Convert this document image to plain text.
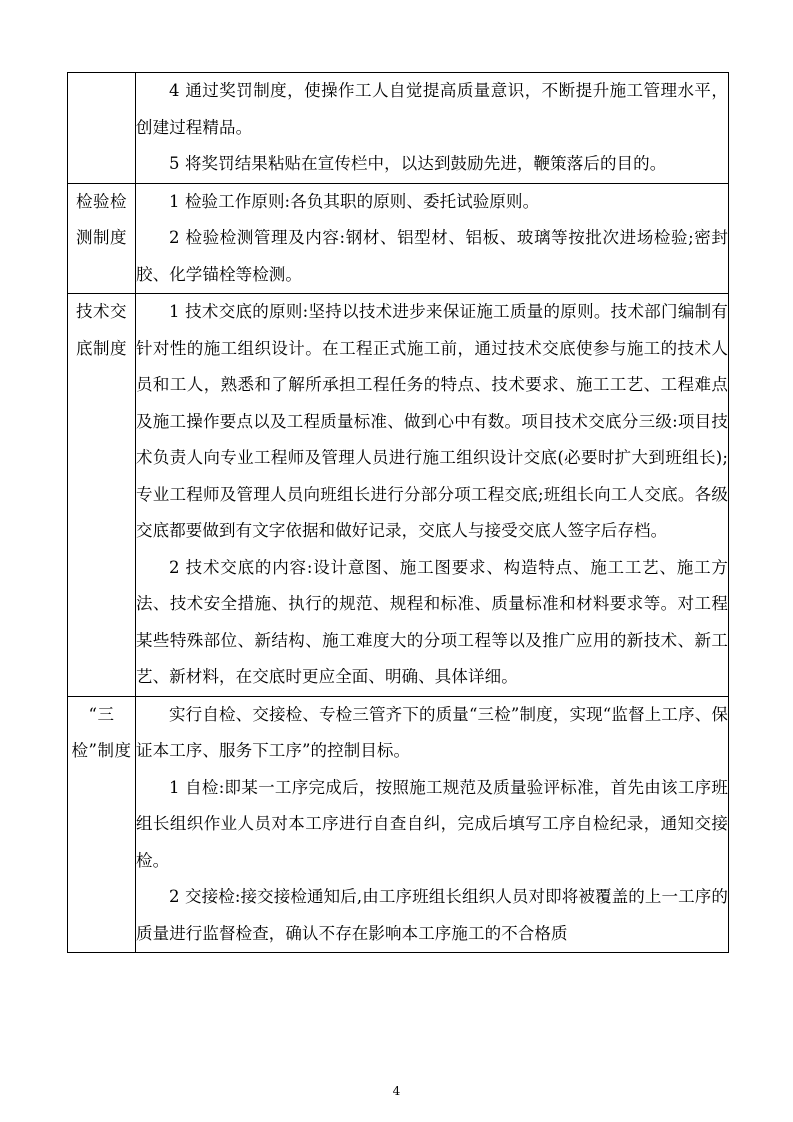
	4 通过奖罚制度，使操作工人自觉提高质量意识，不断提升施工管理水平，创建过程精品。

5 将奖罚结果粘贴在宣传栏中，以达到鼓励先进，鞭策落后的目的。

检验检测制度	1 检验工作原则:各负其职的原则、委托试验原则。

2 检验检测管理及内容:钢材、铝型材、铝板、玻璃等按批次进场检验;密封胶、化学锚栓等检测。

技术交底制度	1 技术交底的原则:坚持以技术进步来保证施工质量的原则。技术部门编制有针对性的施工组织设计。在工程正式施工前，通过技术交底使参与施工的技术人员和工人，熟悉和了解所承担工程任务的特点、技术要求、施工工艺、工程难点及施工操作要点以及工程质量标准、做到心中有数。项目技术交底分三级:项目技术负责人向专业工程师及管理人员进行施工组织设计交底(必要时扩大到班组长);专业工程师及管理人员向班组长进行分部分项工程交底;班组长向工人交底。各级交底都要做到有文字依据和做好记录，交底人与接受交底人签字后存档。

2 技术交底的内容:设计意图、施工图要求、构造特点、施工工艺、施工方法、技术安全措施、执行的规范、规程和标准、质量标准和材料要求等。对工程某些特殊部位、新结构、施工难度大的分项工程等以及推广应用的新技术、新工艺、新材料，在交底时更应全面、明确、具体详细。

“三检”制度	实行自检、交接检、专检三管齐下的质量“三检”制度，实现“监督上工序、保证本工序、服务下工序”的控制目标。

1 自检:即某一工序完成后，按照施工规范及质量验评标准，首先由该工序班组长组织作业人员对本工序进行自查自纠，完成后填写工序自检纪录，通知交接检。

2 交接检:接交接检通知后,由工序班组长组织人员对即将被覆盖的上一工序的质量进行监督检查，确认不存在影响本工序施工的不合格质

4
